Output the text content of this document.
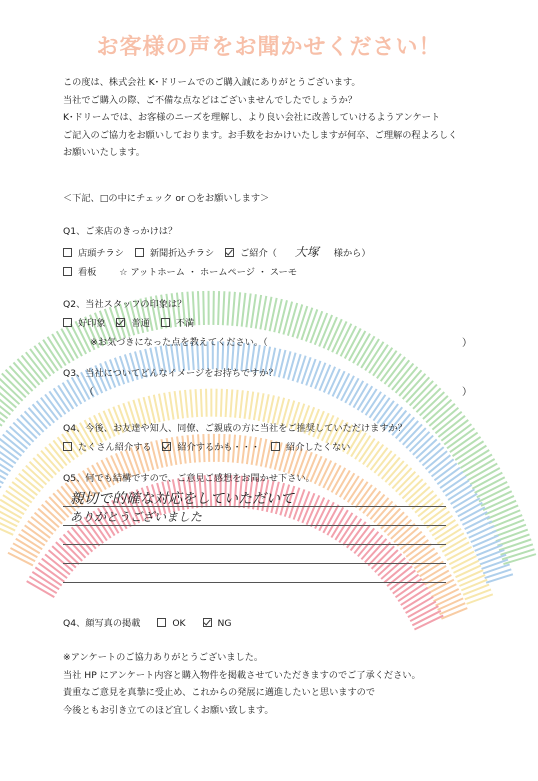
お客様の声をお聞かせください！
この度は、株式会社 K･ドリームでのご購入誠にありがとうございます。
当社でご購入の際、ご不備な点などはございませんでしたでしょうか？
K･ドリームでは、お客様のニーズを理解し、より良い会社に改善していけるようアンケート
ご記入のご協力をお願いしております。お手数をおかけいたしますが何卒、ご理解の程よろしく
お願いいたします。
＜下記、□の中にチェック or ○をお願いします＞
Q1、ご来店のきっかけは？
店頭チラシ	新聞折込チラシ	ご紹介（ 大塚 様から）
看板 ☆ アットホーム ・ ホームページ ・ スーモ
Q2、当社スタッフの印象は？
好印象	普通	不満
※お気づきになった点を教えてください。（	）
Q3、当社についてどんなイメージをお持ちですか？
（	）
Q4、今後、お友達や知人、同僚、ご親戚の方に当社をご推奨していただけますか？
たくさん紹介する	紹介するかも・・・	紹介したくない
Q5、何でも結構ですので、ご意見ご感想をお聞かせ下さい。
親切で的確な対応をしていただいて
ありがとうございました
Q4、顔写真の掲載	OK	NG
※アンケートのご協力ありがとうございました。
当社 HP にアンケート内容と購入物件を掲載させていただきますのでご了承ください。
貴重なご意見を真摯に受止め、これからの発展に邁進したいと思いますので
今後ともお引き立てのほど宜しくお願い致します。
